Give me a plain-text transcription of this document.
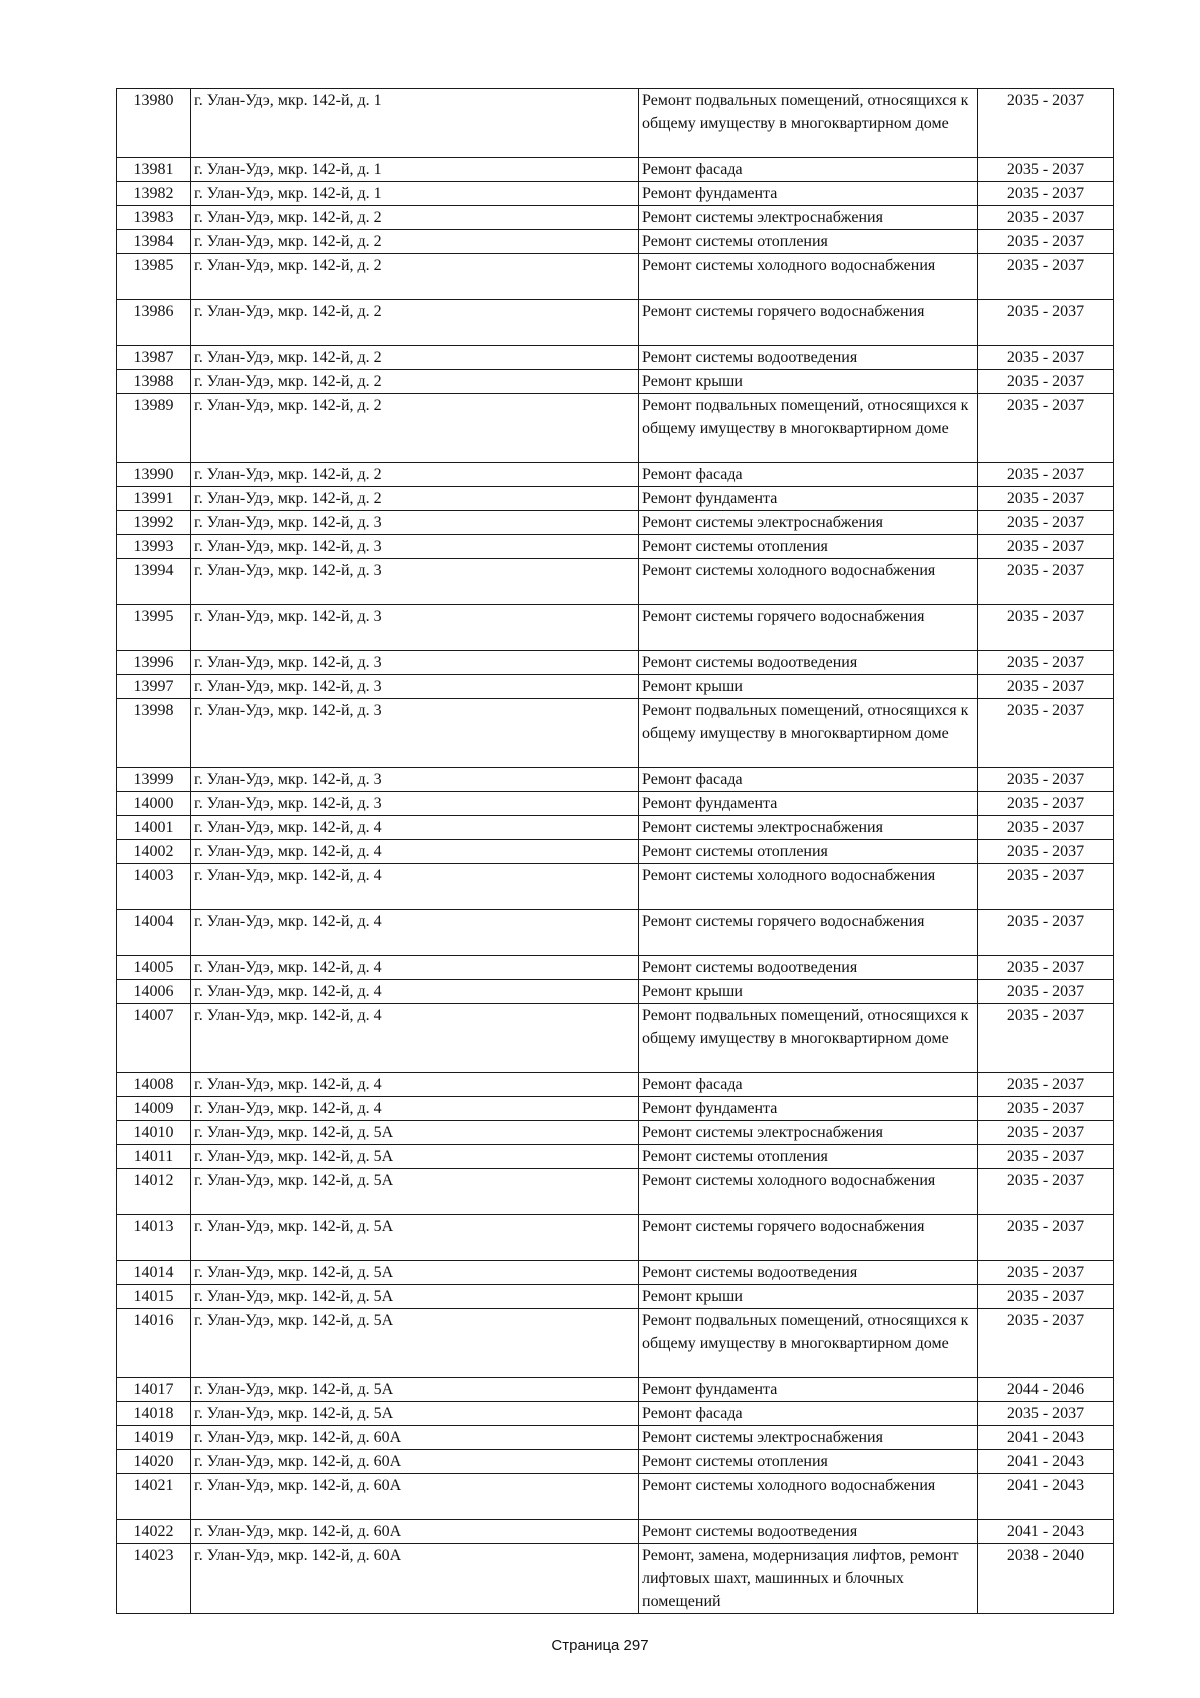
13980	г. Улан-Удэ, мкр. 142-й, д. 1	Ремонт подвальных помещений, относящихся к общему имуществу в многоквартирном доме	2035 - 2037
13981	г. Улан-Удэ, мкр. 142-й, д. 1	Ремонт фасада	2035 - 2037
13982	г. Улан-Удэ, мкр. 142-й, д. 1	Ремонт фундамента	2035 - 2037
13983	г. Улан-Удэ, мкр. 142-й, д. 2	Ремонт системы электроснабжения	2035 - 2037
13984	г. Улан-Удэ, мкр. 142-й, д. 2	Ремонт системы отопления	2035 - 2037
13985	г. Улан-Удэ, мкр. 142-й, д. 2	Ремонт системы холодного водоснабжения	2035 - 2037
13986	г. Улан-Удэ, мкр. 142-й, д. 2	Ремонт системы горячего водоснабжения	2035 - 2037
13987	г. Улан-Удэ, мкр. 142-й, д. 2	Ремонт системы водоотведения	2035 - 2037
13988	г. Улан-Удэ, мкр. 142-й, д. 2	Ремонт крыши	2035 - 2037
13989	г. Улан-Удэ, мкр. 142-й, д. 2	Ремонт подвальных помещений, относящихся к общему имуществу в многоквартирном доме	2035 - 2037
13990	г. Улан-Удэ, мкр. 142-й, д. 2	Ремонт фасада	2035 - 2037
13991	г. Улан-Удэ, мкр. 142-й, д. 2	Ремонт фундамента	2035 - 2037
13992	г. Улан-Удэ, мкр. 142-й, д. 3	Ремонт системы электроснабжения	2035 - 2037
13993	г. Улан-Удэ, мкр. 142-й, д. 3	Ремонт системы отопления	2035 - 2037
13994	г. Улан-Удэ, мкр. 142-й, д. 3	Ремонт системы холодного водоснабжения	2035 - 2037
13995	г. Улан-Удэ, мкр. 142-й, д. 3	Ремонт системы горячего водоснабжения	2035 - 2037
13996	г. Улан-Удэ, мкр. 142-й, д. 3	Ремонт системы водоотведения	2035 - 2037
13997	г. Улан-Удэ, мкр. 142-й, д. 3	Ремонт крыши	2035 - 2037
13998	г. Улан-Удэ, мкр. 142-й, д. 3	Ремонт подвальных помещений, относящихся к общему имуществу в многоквартирном доме	2035 - 2037
13999	г. Улан-Удэ, мкр. 142-й, д. 3	Ремонт фасада	2035 - 2037
14000	г. Улан-Удэ, мкр. 142-й, д. 3	Ремонт фундамента	2035 - 2037
14001	г. Улан-Удэ, мкр. 142-й, д. 4	Ремонт системы электроснабжения	2035 - 2037
14002	г. Улан-Удэ, мкр. 142-й, д. 4	Ремонт системы отопления	2035 - 2037
14003	г. Улан-Удэ, мкр. 142-й, д. 4	Ремонт системы холодного водоснабжения	2035 - 2037
14004	г. Улан-Удэ, мкр. 142-й, д. 4	Ремонт системы горячего водоснабжения	2035 - 2037
14005	г. Улан-Удэ, мкр. 142-й, д. 4	Ремонт системы водоотведения	2035 - 2037
14006	г. Улан-Удэ, мкр. 142-й, д. 4	Ремонт крыши	2035 - 2037
14007	г. Улан-Удэ, мкр. 142-й, д. 4	Ремонт подвальных помещений, относящихся к общему имуществу в многоквартирном доме	2035 - 2037
14008	г. Улан-Удэ, мкр. 142-й, д. 4	Ремонт фасада	2035 - 2037
14009	г. Улан-Удэ, мкр. 142-й, д. 4	Ремонт фундамента	2035 - 2037
14010	г. Улан-Удэ, мкр. 142-й, д. 5А	Ремонт системы электроснабжения	2035 - 2037
14011	г. Улан-Удэ, мкр. 142-й, д. 5А	Ремонт системы отопления	2035 - 2037
14012	г. Улан-Удэ, мкр. 142-й, д. 5А	Ремонт системы холодного водоснабжения	2035 - 2037
14013	г. Улан-Удэ, мкр. 142-й, д. 5А	Ремонт системы горячего водоснабжения	2035 - 2037
14014	г. Улан-Удэ, мкр. 142-й, д. 5А	Ремонт системы водоотведения	2035 - 2037
14015	г. Улан-Удэ, мкр. 142-й, д. 5А	Ремонт крыши	2035 - 2037
14016	г. Улан-Удэ, мкр. 142-й, д. 5А	Ремонт подвальных помещений, относящихся к общему имуществу в многоквартирном доме	2035 - 2037
14017	г. Улан-Удэ, мкр. 142-й, д. 5А	Ремонт фундамента	2044 - 2046
14018	г. Улан-Удэ, мкр. 142-й, д. 5А	Ремонт фасада	2035 - 2037
14019	г. Улан-Удэ, мкр. 142-й, д. 60А	Ремонт системы электроснабжения	2041 - 2043
14020	г. Улан-Удэ, мкр. 142-й, д. 60А	Ремонт системы отопления	2041 - 2043
14021	г. Улан-Удэ, мкр. 142-й, д. 60А	Ремонт системы холодного водоснабжения	2041 - 2043
14022	г. Улан-Удэ, мкр. 142-й, д. 60А	Ремонт системы водоотведения	2041 - 2043
14023	г. Улан-Удэ, мкр. 142-й, д. 60А	Ремонт, замена, модернизация лифтов, ремонт лифтовых шахт, машинных и блочных помещений	2038 - 2040
Страница 297
